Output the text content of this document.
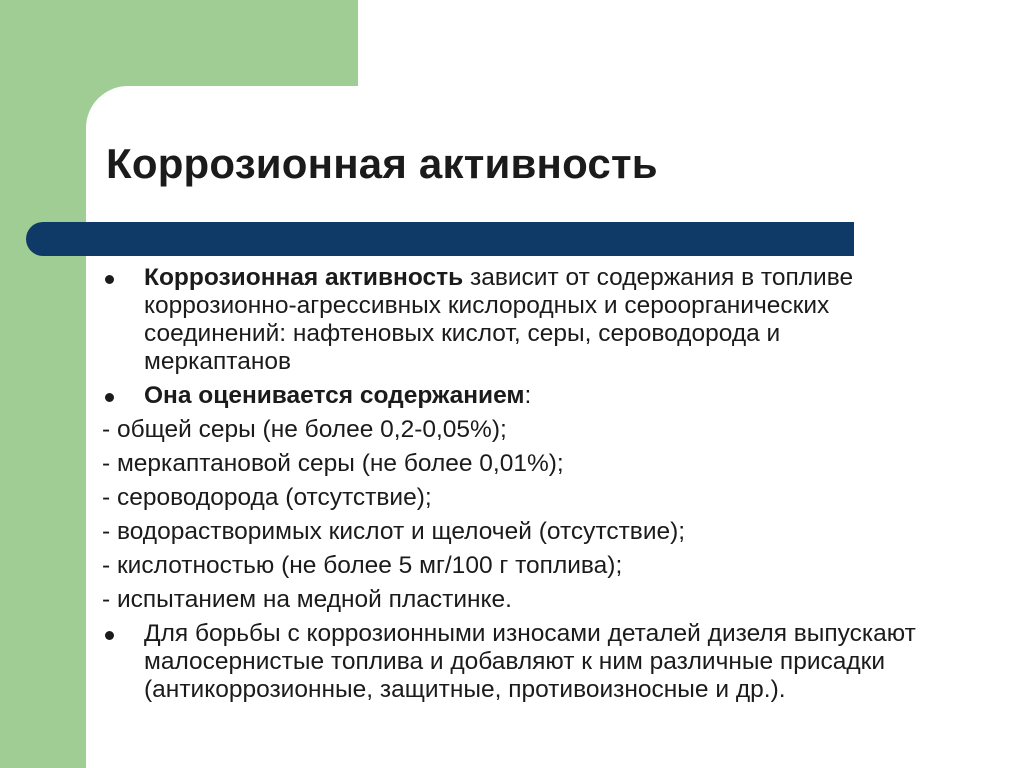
Коррозионная активность

Коррозионная активность зависит от содержания в топливе коррозионно-агрессивных кислородных и сероорганических соединений: нафтеновых кислот, серы, сероводорода и меркаптанов

Она оценивается содержанием:

- общей серы (не более 0,2-0,05%);

- меркаптановой серы (не более 0,01%);

- сероводорода (отсутствие);

- водорастворимых кислот и щелочей (отсутствие);

- кислотностью (не более 5 мг/100 г топлива);

- испытанием на медной пластинке.

Для борьбы с коррозионными износами деталей дизеля выпускают малосернистые топлива и добавляют к ним различные присадки (антикоррозионные, защитные, противоизносные и др.).
